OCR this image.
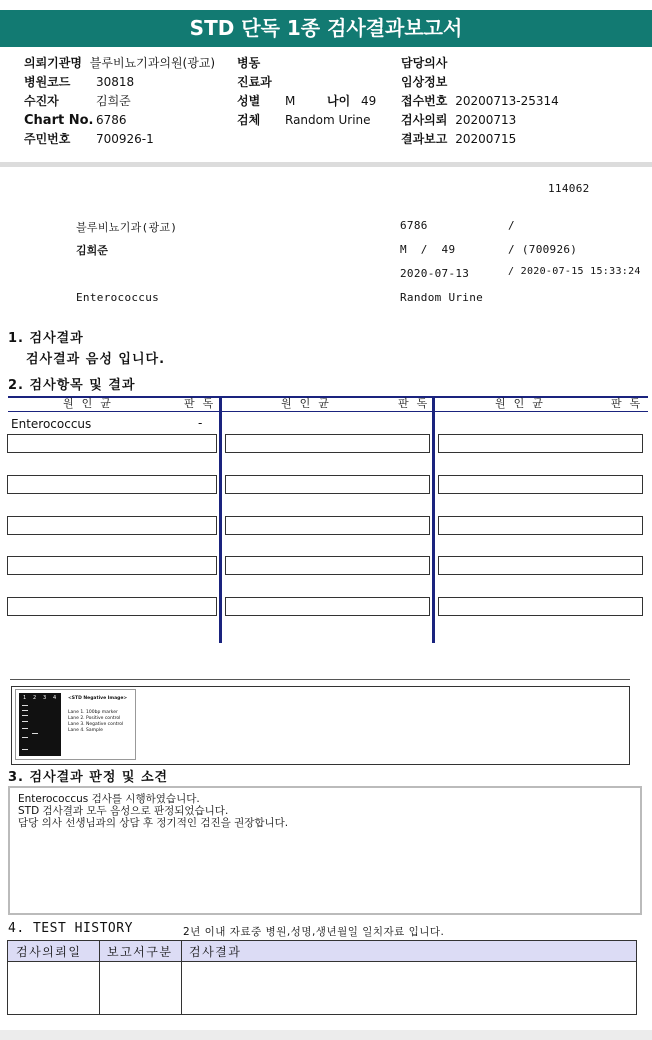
STD 단독 1종 검사결과보고서
의뢰기관명 블루비뇨기과의원(광교)
병원코드 30818
수진자	김희준
Chart No. 6786
주민번호 700926-1
병동
진료과
성별 M	나이 49
검체 Random Urine
담당의사
임상정보
접수번호 20200713-25314
검사의뢰 20200713
결과보고 20200715
114062
블루비뇨기과(광교)	6786	/
김희준	M  /  49	/ (700926)
2020-07-13	/ 2020-07-15 15:33:24
Enterococcus	Random Urine
1. 검사결과
검사결과 음성 입니다.
2. 검사항목 및 결과
원인균	판독	원인균	판독	원인균	판독
Enterococcus	-
1 2 3 4	<STD Negative Image>
Lane 1. 100bp marker
Lane 2. Positive control
Lane 3. Negative control
Lane 4. Sample
3. 검사결과 판정 및 소견
Enterococcus 검사를 시행하였습니다.
STD 검사결과 모두 음성으로 판정되었습니다.
담당 의사 선생님과의 상담 후 정기적인 검진을 권장합니다.
4. TEST HISTORY	2년 이내 자료중 병원,성명,생년월일 일치자료 입니다.
검사의뢰일 보고서구분 검사결과
